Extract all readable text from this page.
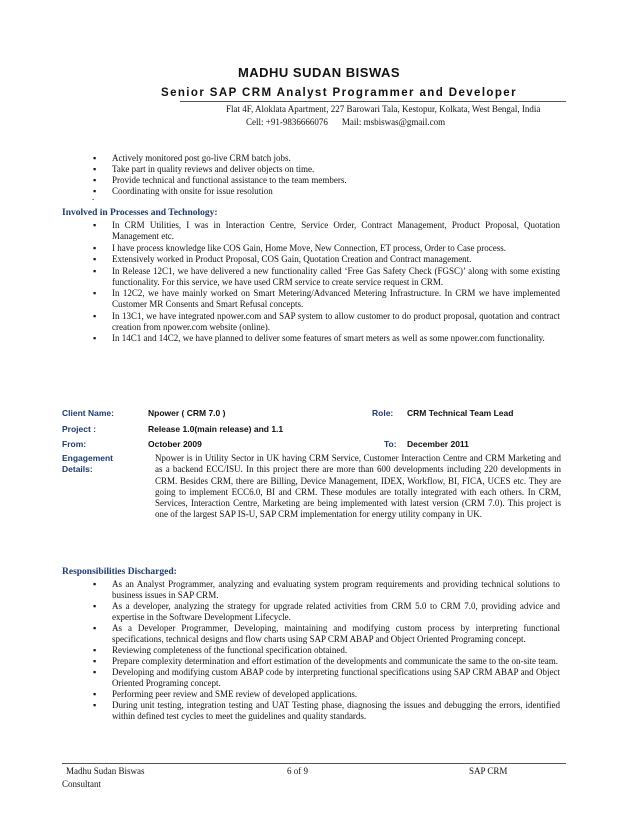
MADHU SUDAN BISWAS
Senior SAP CRM Analyst Programmer and Developer
Flat 4F, Aloklata Apartment, 227 Barowari Tala, Kestopur, Kolkata, West Bengal, India
Cell: +91-9836666076 Mail: msbiswas@gmail.com
▪ Actively monitored post go-live CRM batch jobs.
▪ Take part in quality reviews and deliver objects on time.
▪ Provide technical and functional assistance to the team members.
▪ Coordinating with onsite for issue resolution
.
Involved in Processes and Technology:
▪ In CRM Utilities, I was in Interaction Centre, Service Order, Contract Management, Product Proposal, Quotation Management etc.
▪ I have process knowledge like COS Gain, Home Move, New Connection, ET process, Order to Case process.
▪ Extensively worked in Product Proposal, COS Gain, Quotation Creation and Contract management.
▪ In Release 12C1, we have delivered a new functionality called ‘Free Gas Safety Check (FGSC)’ along with some existing functionality. For this service, we have used CRM service to create service request in CRM.
▪ In 12C2, we have mainly worked on Smart Metering/Advanced Metering Infrastructure. In CRM we have implemented Customer MR Consents and Smart Refusal concepts.
▪ In 13C1, we have integrated npower.com and SAP system to allow customer to do product proposal, quotation and contract creation from npower.com website (online).
▪ In 14C1 and 14C2, we have planned to deliver some features of smart meters as well as some npower.com functionality.
Client Name:	Npower ( CRM 7.0 )	Role: CRM Technical Team Lead
Project :	Release 1.0(main release) and 1.1
From:	October 2009	To: December 2011
Engagement
Details:
Npower is in Utility Sector in UK having CRM Service, Customer Interaction Centre and CRM Marketing and as a backend ECC/ISU. In this project there are more than 600 developments including 220 developments in CRM. Besides CRM, there are Billing, Device Management, IDEX, Workflow, BI, FICA, UCES etc. They are going to implement ECC6.0, BI and CRM. These modules are totally integrated with each others. In CRM, Services, Interaction Centre, Marketing are being implemented with latest version (CRM 7.0). This project is one of the largest SAP IS-U, SAP CRM implementation for energy utility company in UK.
Responsibilities Discharged:
▪ As an Analyst Programmer, analyzing and evaluating system program requirements and providing technical solutions to business issues in SAP CRM.
▪ As a developer, analyzing the strategy for upgrade related activities from CRM 5.0 to CRM 7.0, providing advice and expertise in the Software Development Lifecycle.
▪ As a Developer Programmer, Developing, maintaining and modifying custom process by interpreting functional specifications, technical designs and flow charts using SAP CRM ABAP and Object Oriented Programing concept.
▪ Reviewing completeness of the functional specification obtained.
▪ Prepare complexity determination and effort estimation of the developments and communicate the same to the on-site team.
▪ Developing and modifying custom ABAP code by interpreting functional specifications using SAP CRM ABAP and Object Oriented Programing concept.
▪ Performing peer review and SME review of developed applications.
▪ During unit testing, integration testing and UAT Testing phase, diagnosing the issues and debugging the errors, identified within defined test cycles to meet the guidelines and quality standards.
Madhu Sudan Biswas	6 of 9	SAP CRM
Consultant
